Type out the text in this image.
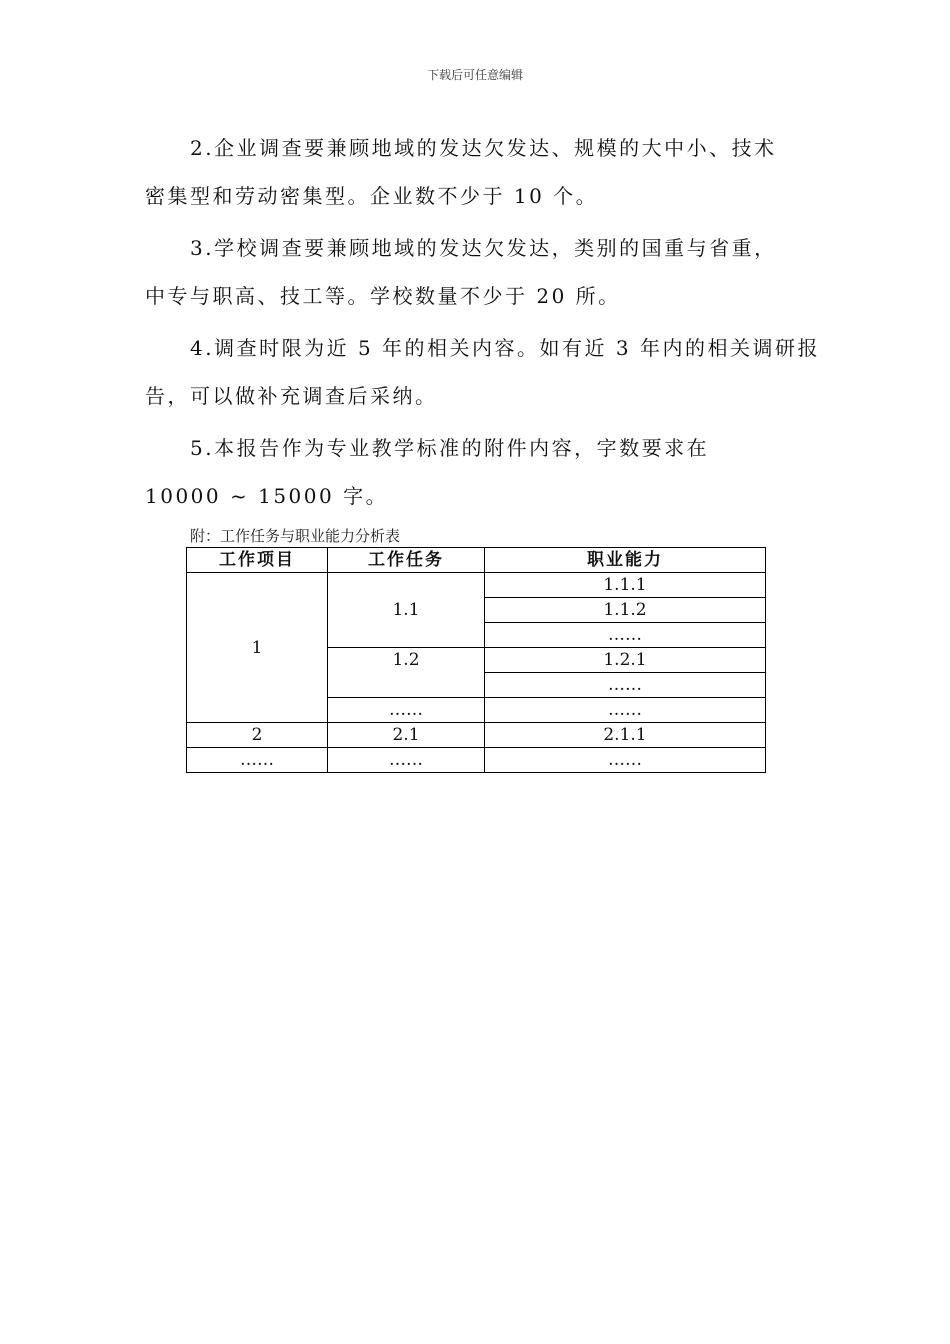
下载后可任意编辑
2.企业调查要兼顾地域的发达欠发达、规模的大中小、技术
密集型和劳动密集型。企业数不少于 10 个。
3.学校调查要兼顾地域的发达欠发达，类别的国重与省重，
中专与职高、技工等。学校数量不少于 20 所。
4.调查时限为近 5 年的相关内容。如有近 3 年内的相关调研报
告，可以做补充调查后采纳。
5.本报告作为专业教学标准的附件内容，字数要求在
10000 ~ 15000 字。
附：工作任务与职业能力分析表
工作项目	工作任务	职业能力
1	1.1	1.1.1
		1.1.2
		……
	1.2	1.2.1
		……
	……	……
2	2.1	2.1.1
……	……	……
